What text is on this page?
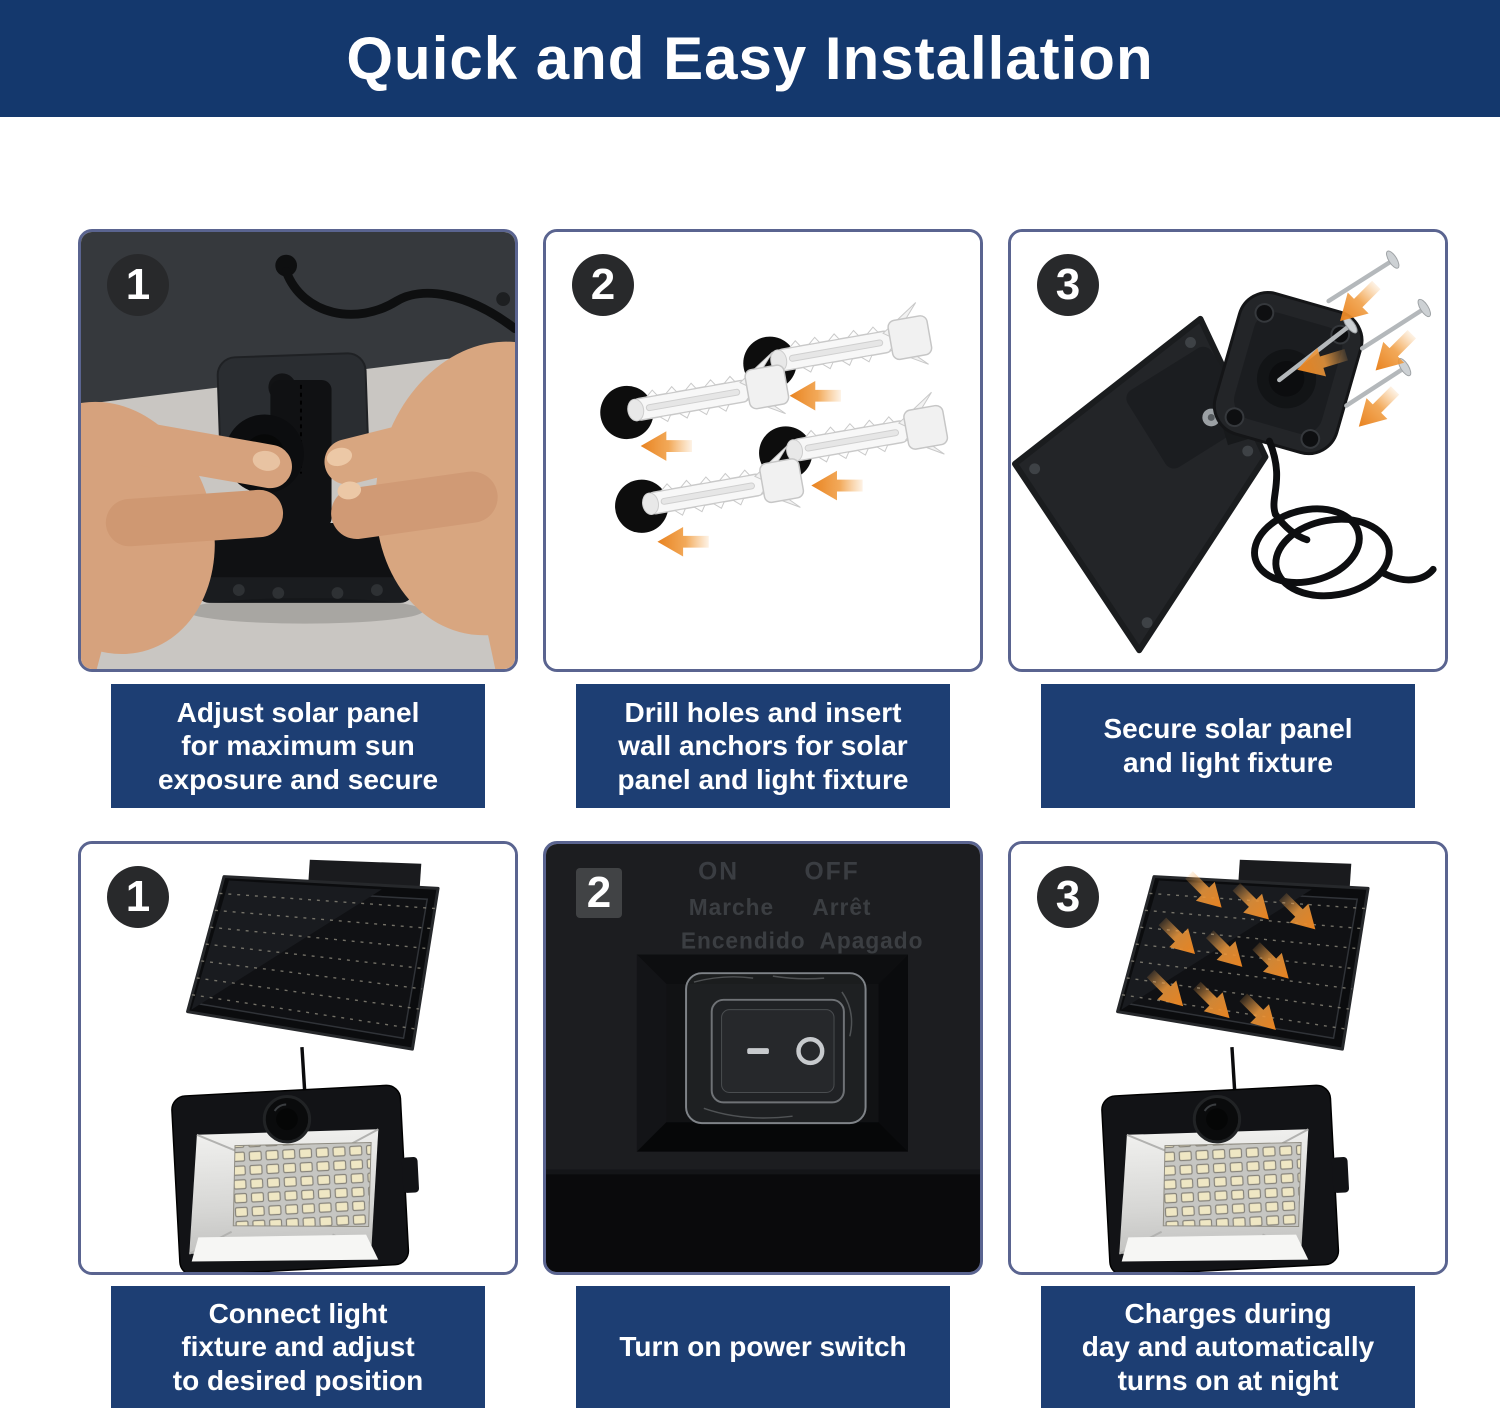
Quick and Easy Installation
1	2	3
1	ON	OFF
Marche Arrêt
Encendido Apagado
2	3
Adjust solar panel
for maximum sun
exposure and secure
Drill holes and insert
wall anchors for solar
panel and light fixture
Secure solar panel
and light fixture
Connect light
fixture and adjust
to desired position
Turn on power switch
Charges during
day and automatically
turns on at night
